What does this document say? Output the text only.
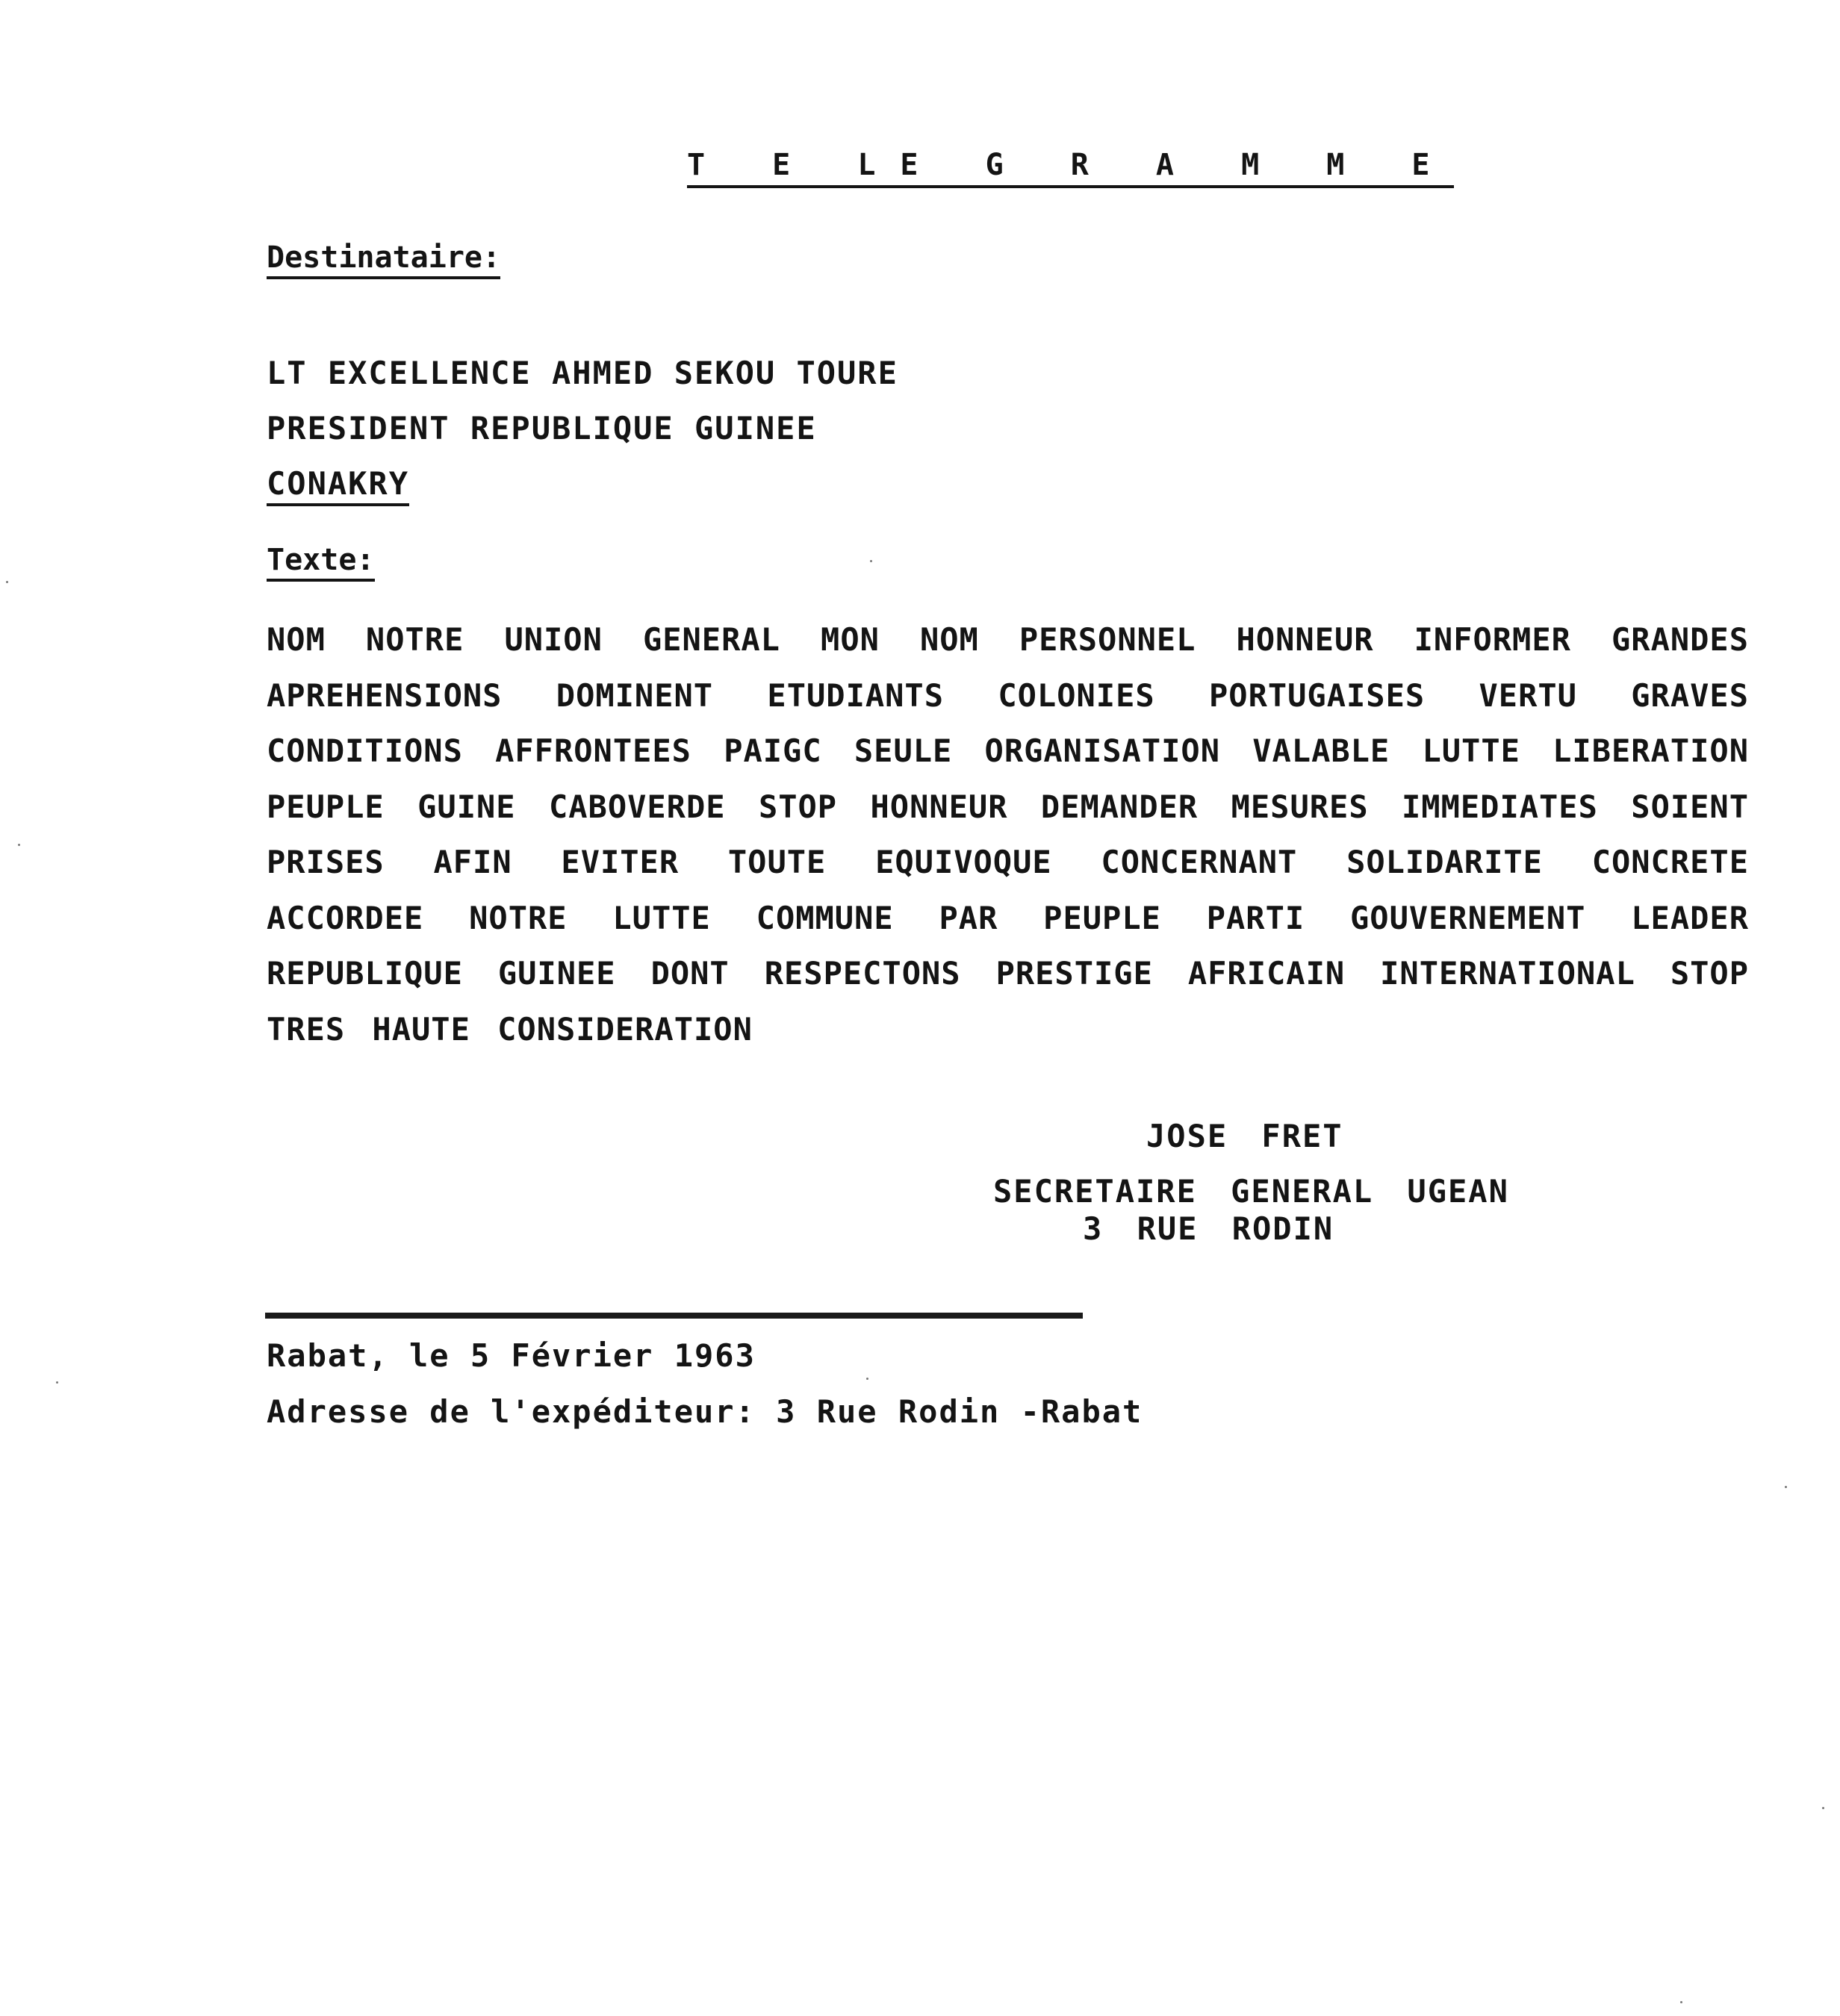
T E LE G R A M M E
Destinataire:
LT EXCELLENCE AHMED SEKOU TOURE
PRESIDENT REPUBLIQUE GUINEE
CONAKRY
Texte:
NOM NOTRE UNION GENERAL MON NOM PERSONNEL HONNEUR INFORMER GRANDES APREHENSIONS DOMINENT ETUDIANTS COLONIES PORTUGAISES VERTU GRAVES CONDITIONS AFFRONTEES PAIGC SEULE ORGANISATION VALABLE LUTTE LIBERATION PEUPLE GUINE CABOVERDE STOP HONNEUR DEMANDER MESURES IMMEDIATES SOIENT PRISES AFIN EVITER TOUTE EQUIVOQUE CONCERNANT SOLIDARITE CONCRETE ACCORDEE NOTRE LUTTE COMMUNE PAR PEUPLE PARTI GOUVERNEMENT LEADER REPUBLIQUE GUINEE DONT RESPECTONS PRESTIGE AFRICAIN INTERNATIONAL STOP TRES HAUTE CONSIDERATION
JOSE FRET
SECRETAIRE GENERAL UGEAN
3 RUE RODIN
Rabat, le 5 Février 1963
Adresse de l'expéditeur: 3 Rue Rodin -Rabat
